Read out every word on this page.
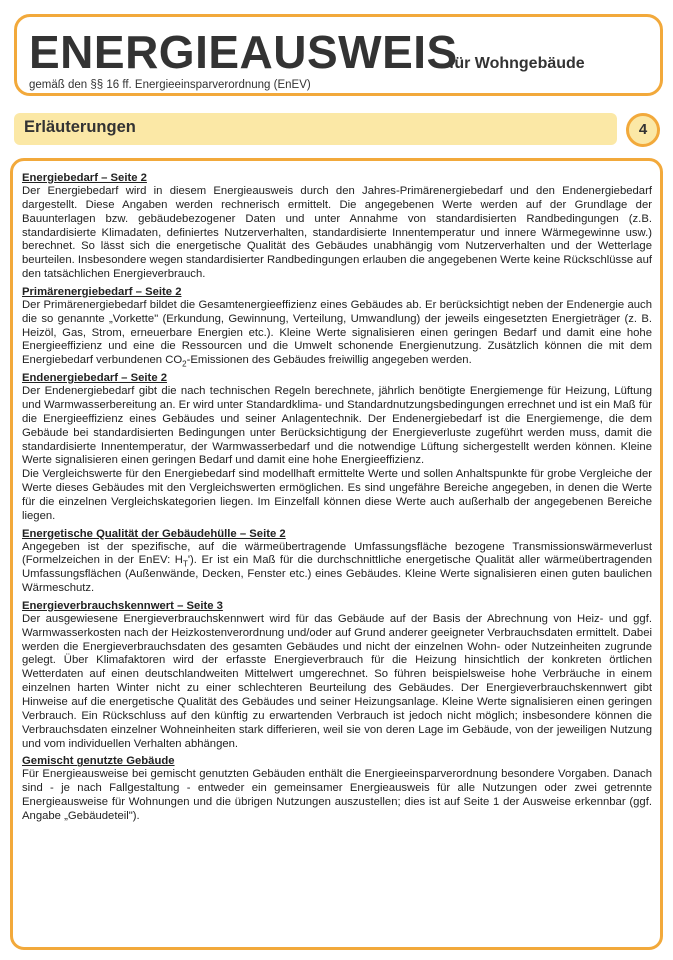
ENERGIEAUSWEIS
für Wohngebäude
gemäß den §§ 16 ff. Energieeinsparverordnung (EnEV)
Erläuterungen	4
Energiebedarf – Seite 2

Der Energiebedarf wird in diesem Energieausweis durch den Jahres-Primärenergiebedarf und den Endenergiebedarf dargestellt. Diese Angaben werden rechnerisch ermittelt. Die angegebenen Werte werden auf der Grundlage der Bauunterlagen bzw. gebäudebezogener Daten und unter Annahme von standardisierten Randbedingungen (z.B. standardisierte Klimadaten, definiertes Nutzerverhalten, standardisierte Innentemperatur und innere Wärmegewinne usw.) berechnet. So lässt sich die energetische Qualität des Gebäudes unabhängig vom Nutzerverhalten und der Wetterlage beurteilen. Insbesondere wegen standardisierter Randbedingungen erlauben die angegebenen Werte keine Rückschlüsse auf den tatsächlichen Energieverbrauch.

Primärenergiebedarf – Seite 2

Der Primärenergiebedarf bildet die Gesamtenergieeffizienz eines Gebäudes ab. Er berücksichtigt neben der Endenergie auch die so genannte „Vorkette" (Erkundung, Gewinnung, Verteilung, Umwandlung) der jeweils eingesetzten Energieträger (z. B. Heizöl, Gas, Strom, erneuerbare Energien etc.). Kleine Werte signalisieren einen geringen Bedarf und damit eine hohe Energieeffizienz und eine die Ressourcen und die Umwelt schonende Energienutzung. Zusätzlich können die mit dem Energiebedarf verbundenen $CO_2$-Emissionen des Gebäudes freiwillig angegeben werden.

Endenergiebedarf – Seite 2

Der Endenergiebedarf gibt die nach technischen Regeln berechnete, jährlich benötigte Energiemenge für Heizung, Lüftung und Warmwasserbereitung an. Er wird unter Standardklima- und Standardnutzungsbedingungen errechnet und ist ein Maß für die Energieeffizienz eines Gebäudes und seiner Anlagentechnik. Der Endenergiebedarf ist die Energiemenge, die dem Gebäude bei standardisierten Bedingungen unter Berücksichtigung der Energieverluste zugeführt werden muss, damit die standardisierte Innentemperatur, der Warmwasserbedarf und die notwendige Lüftung sichergestellt werden können. Kleine Werte signalisieren einen geringen Bedarf und damit eine hohe Energieeffizienz.

Die Vergleichswerte für den Energiebedarf sind modellhaft ermittelte Werte und sollen Anhaltspunkte für grobe Vergleiche der Werte dieses Gebäudes mit den Vergleichswerten ermöglichen. Es sind ungefähre Bereiche angegeben, in denen die Werte für die einzelnen Vergleichskategorien liegen. Im Einzelfall können diese Werte auch außerhalb der angegebenen Bereiche liegen.

Energetische Qualität der Gebäudehülle – Seite 2

Angegeben ist der spezifische, auf die wärmeübertragende Umfassungsfläche bezogene Transmissionswärmeverlust (Formelzeichen in der EnEV: $H_T'$). Er ist ein Maß für die durchschnittliche energetische Qualität aller wärmeübertragenden Umfassungsflächen (Außenwände, Decken, Fenster etc.) eines Gebäudes. Kleine Werte signalisieren einen guten baulichen Wärmeschutz.

Energieverbrauchskennwert – Seite 3

Der ausgewiesene Energieverbrauchskennwert wird für das Gebäude auf der Basis der Abrechnung von Heiz- und ggf. Warmwasserkosten nach der Heizkostenverordnung und/oder auf Grund anderer geeigneter Verbrauchsdaten ermittelt. Dabei werden die Energieverbrauchsdaten des gesamten Gebäudes und nicht der einzelnen Wohn- oder Nutzeinheiten zugrunde gelegt. Über Klimafaktoren wird der erfasste Energieverbrauch für die Heizung hinsichtlich der konkreten örtlichen Wetterdaten auf einen deutschlandweiten Mittelwert umgerechnet. So führen beispielsweise hohe Verbräuche in einem einzelnen harten Winter nicht zu einer schlechteren Beurteilung des Gebäudes. Der Energieverbrauchskennwert gibt Hinweise auf die energetische Qualität des Gebäudes und seiner Heizungsanlage. Kleine Werte signalisieren einen geringen Verbrauch. Ein Rückschluss auf den künftig zu erwartenden Verbrauch ist jedoch nicht möglich; insbesondere können die Verbrauchsdaten einzelner Wohneinheiten stark differieren, weil sie von deren Lage im Gebäude, von der jeweiligen Nutzung und vom individuellen Verhalten abhängen.

Gemischt genutzte Gebäude

Für Energieausweise bei gemischt genutzten Gebäuden enthält die Energieeinsparverordnung besondere Vorgaben. Danach sind - je nach Fallgestaltung - entweder ein gemeinsamer Energieausweis für alle Nutzungen oder zwei getrennte Energieausweise für Wohnungen und die übrigen Nutzungen auszustellen; dies ist auf Seite 1 der Ausweise erkennbar (ggf. Angabe „Gebäudeteil").
